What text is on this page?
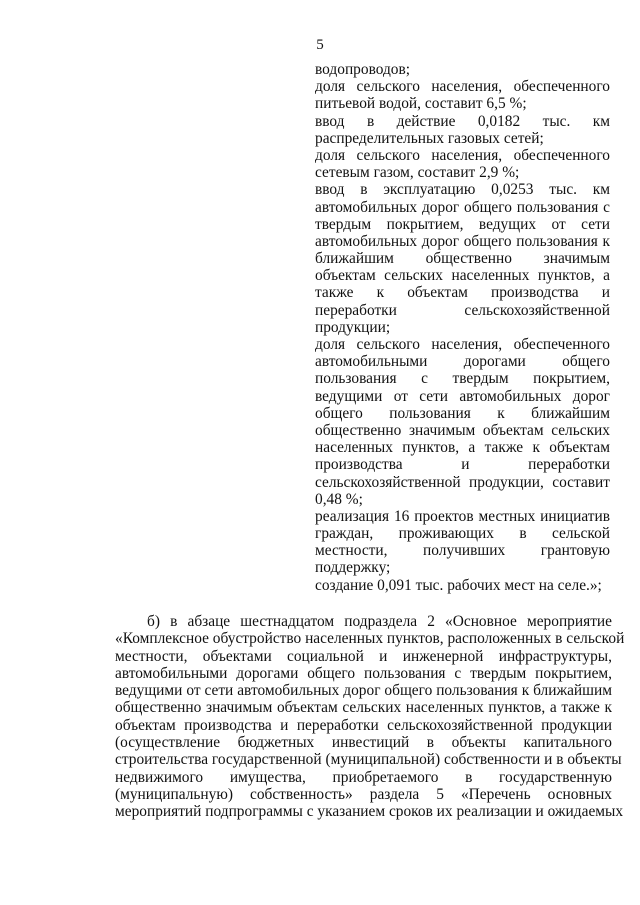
5
водопроводов;
доля сельского населения, обеспеченного
питьевой водой, составит 6,5 %;
ввод в действие 0,0182 тыс. км
распределительных газовых сетей;
доля сельского населения, обеспеченного
сетевым газом, составит 2,9 %;
ввод в эксплуатацию 0,0253 тыс. км
автомобильных дорог общего пользования с
твердым покрытием, ведущих от сети
автомобильных дорог общего пользования к
ближайшим общественно значимым
объектам сельских населенных пунктов, а
также к объектам производства и
переработки сельскохозяйственной
продукции;
доля сельского населения, обеспеченного
автомобильными дорогами общего
пользования с твердым покрытием,
ведущими от сети автомобильных дорог
общего пользования к ближайшим
общественно значимым объектам сельских
населенных пунктов, а также к объектам
производства и переработки
сельскохозяйственной продукции, составит
0,48 %;
реализация 16 проектов местных инициатив
граждан, проживающих в сельской
местности, получивших грантовую
поддержку;
создание 0,091 тыс. рабочих мест на селе.»;
б) в абзаце шестнадцатом подраздела 2 «Основное мероприятие
«Комплексное обустройство населенных пунктов, расположенных в сельской
местности, объектами социальной и инженерной инфраструктуры,
автомобильными дорогами общего пользования с твердым покрытием,
ведущими от сети автомобильных дорог общего пользования к ближайшим
общественно значимым объектам сельских населенных пунктов, а также к
объектам производства и переработки сельскохозяйственной продукции
(осуществление бюджетных инвестиций в объекты капитального
строительства государственной (муниципальной) собственности и в объекты
недвижимого имущества, приобретаемого в государственную
(муниципальную) собственность» раздела 5 «Перечень основных
мероприятий подпрограммы с указанием сроков их реализации и ожидаемых
